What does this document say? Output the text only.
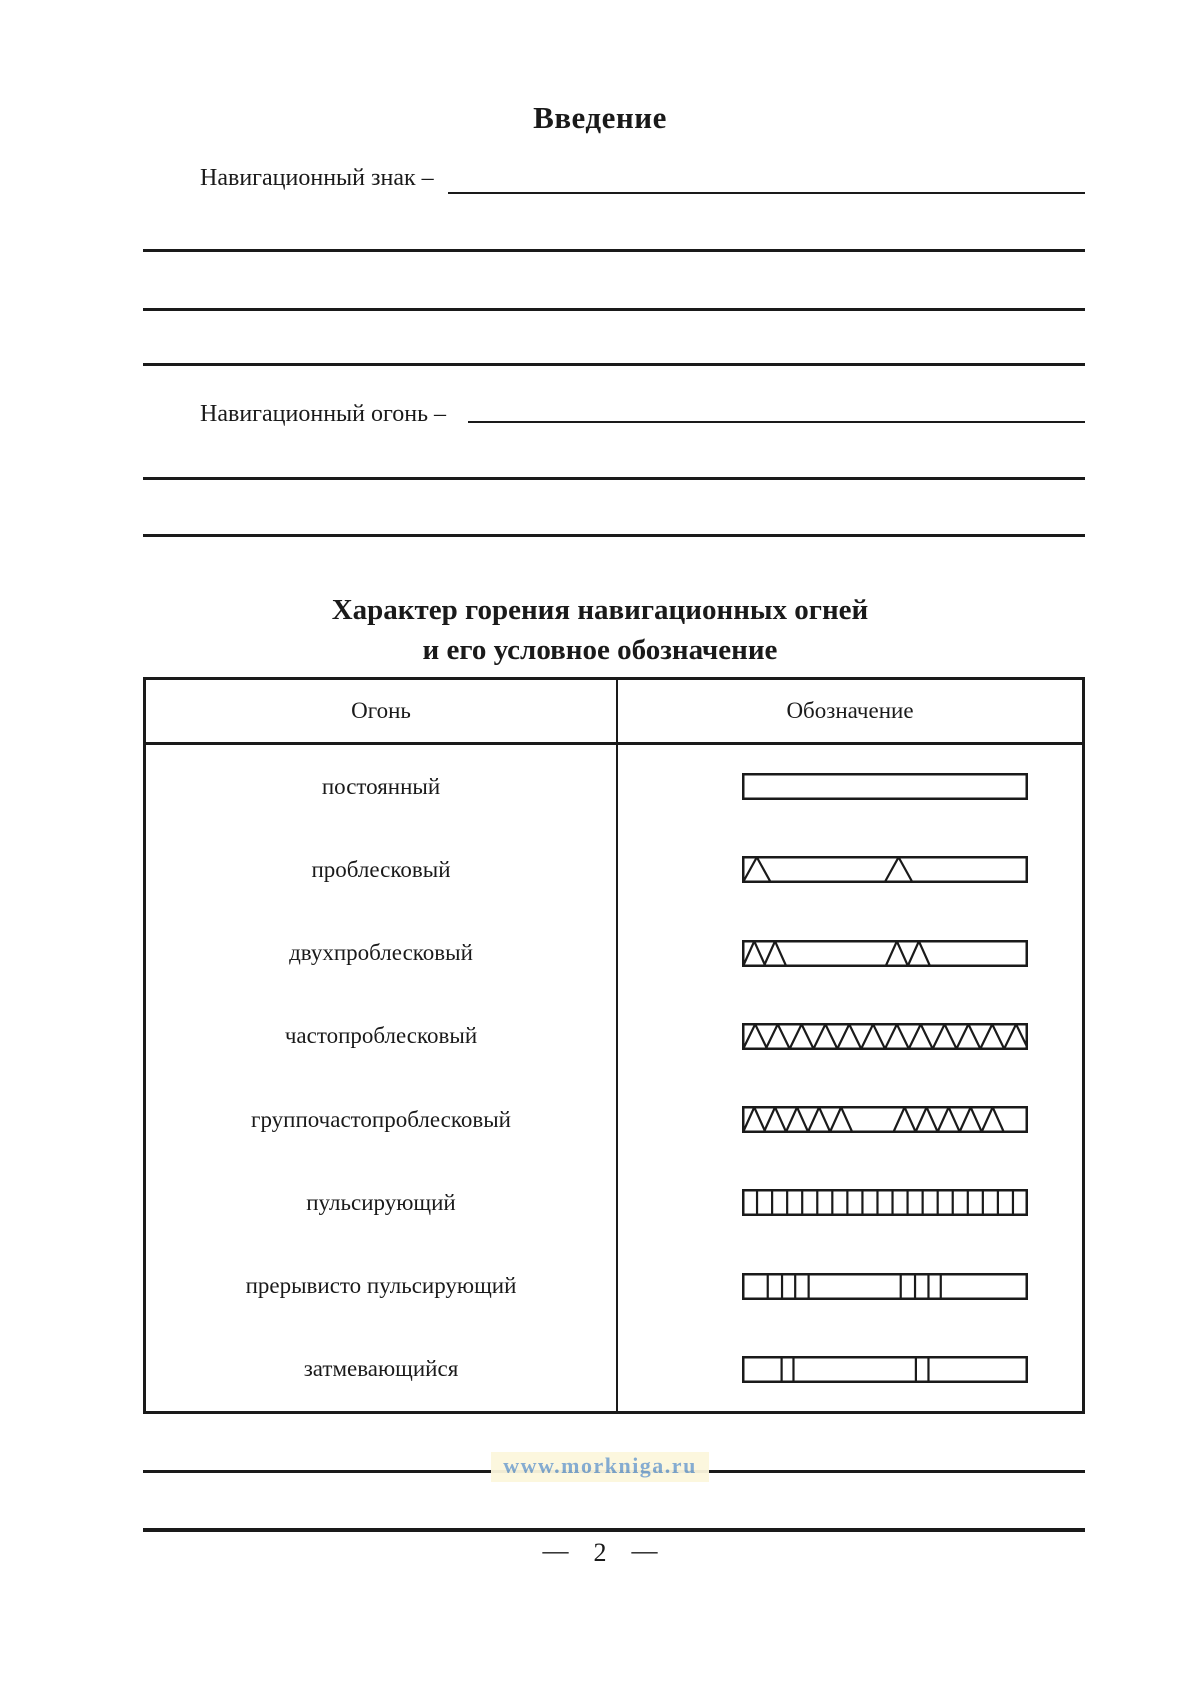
Введение
Навигационный знак –
Навигационный огонь –
Характер горения навигационных огней
и его условное обозначение
Огонь	Обозначение
постоянный
проблесковый
двухпроблесковый
частопроблесковый
группочастопроблесковый
пульсирующий
прерывисто пульсирующий
затмевающийся
www.morkniga.ru
— 2 —
